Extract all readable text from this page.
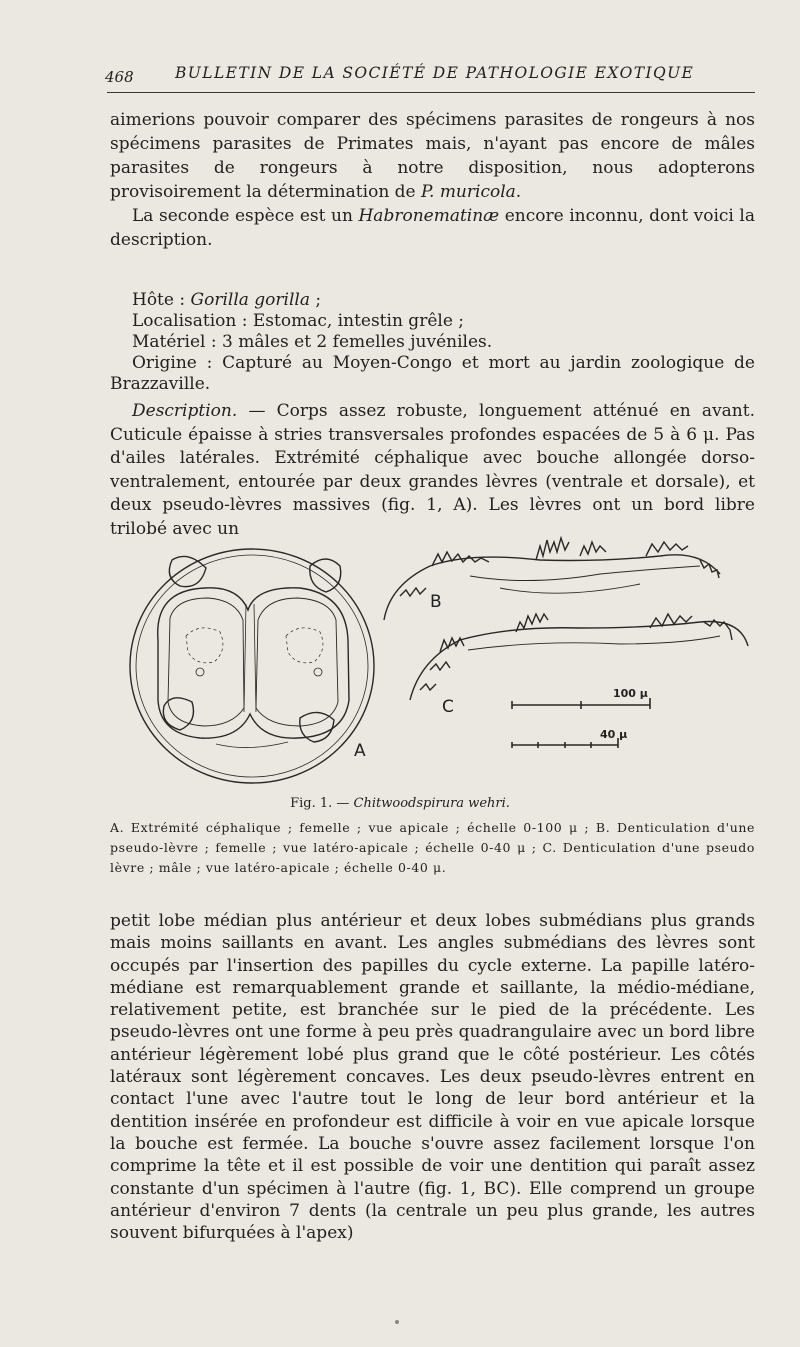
468	BULLETIN DE LA SOCIÉTÉ DE PATHOLOGIE EXOTIQUE

aimerions pouvoir comparer des spécimens parasites de rongeurs à nos spécimens parasites de Primates mais, n'ayant pas encore de mâles parasites de rongeurs à notre disposition, nous adopterons provisoirement la détermination de P. muricola.

La seconde espèce est un Habronematinæ encore inconnu, dont voici la description.

Hôte : Gorilla gorilla ;

Localisation : Estomac, intestin grêle ;

Matériel : 3 mâles et 2 femelles juvéniles.

Origine : Capturé au Moyen-Congo et mort au jardin zoologique de Brazzaville.

Description. — Corps assez robuste, longuement atténué en avant. Cuticule épaisse à stries transversales profondes espacées de 5 à 6 μ. Pas d'ailes latérales. Extrémité céphalique avec bouche allongée dorso-ventralement, entourée par deux grandes lèvres (ventrale et dorsale), et deux pseudo-lèvres massives (fig. 1, A). Les lèvres ont un bord libre trilobé avec un

A
B
C
100 μ
40 μ
Fig. 1. — Chitwoodspirura wehri.

A. Extrémité céphalique ; femelle ; vue apicale ; échelle 0-100 μ ; B. Denticulation d'une pseudo-lèvre ; femelle ; vue latéro-apicale ; échelle 0-40 μ ; C. Denticulation d'une pseudo lèvre ; mâle ; vue latéro-apicale ; échelle 0-40 μ.

petit lobe médian plus antérieur et deux lobes submédians plus grands mais moins saillants en avant. Les angles submédians des lèvres sont occupés par l'insertion des papilles du cycle externe. La papille latéro-médiane est remarquablement grande et saillante, la médio-médiane, relativement petite, est branchée sur le pied de la précédente. Les pseudo-lèvres ont une forme à peu près quadrangulaire avec un bord libre antérieur légèrement lobé plus grand que le côté postérieur. Les côtés latéraux sont légèrement concaves. Les deux pseudo-lèvres entrent en contact l'une avec l'autre tout le long de leur bord antérieur et la dentition insérée en profondeur est difficile à voir en vue apicale lorsque la bouche est fermée. La bouche s'ouvre assez facilement lorsque l'on comprime la tête et il est possible de voir une dentition qui paraît assez constante d'un spécimen à l'autre (fig. 1, BC). Elle comprend un groupe antérieur d'environ 7 dents (la centrale un peu plus grande, les autres souvent bifurquées à l'apex)
